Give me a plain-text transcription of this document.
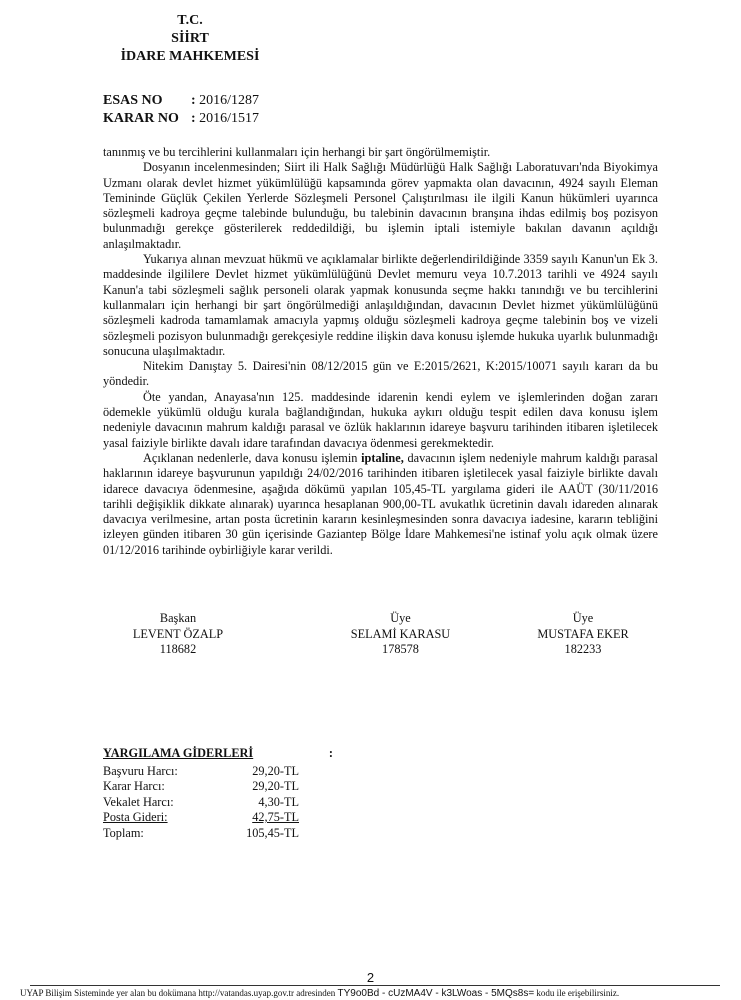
T.C.
SİİRT
İDARE MAHKEMESİ
ESAS NO : 2016/1287
KARAR NO : 2016/1517

tanınmış ve bu tercihlerini kullanmaları için herhangi bir şart öngörülmemiştir.

Dosyanın incelenmesinden; Siirt ili Halk Sağlığı Müdürlüğü Halk Sağlığı Laboratuvarı'nda Biyokimya Uzmanı olarak devlet hizmet yükümlülüğü kapsamında görev yapmakta olan davacının, 4924 sayılı Eleman Temininde Güçlük Çekilen Yerlerde Sözleşmeli Personel Çalıştırılması ile ilgili Kanun hükümleri uyarınca sözleşmeli kadroya geçme talebinde bulunduğu, bu talebinin davacının branşına ihdas edilmiş boş pozisyon bulunmadığı gerekçe gösterilerek reddedildiği, bu işlemin iptali istemiyle bakılan davanın açıldığı anlaşılmaktadır.

Yukarıya alınan mevzuat hükmü ve açıklamalar birlikte değerlendirildiğinde 3359 sayılı Kanun'un Ek 3. maddesinde ilgililere Devlet hizmet yükümlülüğünü Devlet memuru veya 10.7.2013 tarihli ve 4924 sayılı Kanun'a tabi sözleşmeli sağlık personeli olarak yapmak konusunda seçme hakkı tanındığı ve bu tercihlerini kullanmaları için herhangi bir şart öngörülmediği anlaşıldığından, davacının Devlet hizmet yükümlülüğünü sözleşmeli kadroda tamamlamak amacıyla yapmış olduğu sözleşmeli kadroya geçme talebinin boş ve vizeli sözleşmeli pozisyon bulunmadığı gerekçesiyle reddine ilişkin dava konusu işlemde hukuka uyarlık bulunmadığı sonucuna ulaşılmaktadır.

Nitekim Danıştay 5. Dairesi'nin 08/12/2015 gün ve E:2015/2621, K:2015/10071 sayılı kararı da bu yöndedir.

Öte yandan, Anayasa'nın 125. maddesinde idarenin kendi eylem ve işlemlerinden doğan zararı ödemekle yükümlü olduğu kurala bağlandığından, hukuka aykırı olduğu tespit edilen dava konusu işlem nedeniyle davacının mahrum kaldığı parasal ve özlük haklarının idareye başvuru tarihinden itibaren işletilecek yasal faiziyle birlikte davalı idare tarafından davacıya ödenmesi gerekmektedir.

Açıklanan nedenlerle, dava konusu işlemin iptaline, davacının işlem nedeniyle mahrum kaldığı parasal haklarının idareye başvurunun yapıldığı 24/02/2016 tarihinden itibaren işletilecek yasal faiziyle birlikte davalı idarece davacıya ödenmesine, aşağıda dökümü yapılan 105,45-TL yargılama gideri ile AAÜT (30/11/2016 tarihli değişiklik dikkate alınarak) uyarınca hesaplanan 900,00-TL avukatlık ücretinin davalı idareden alınarak davacıya verilmesine, artan posta ücretinin kararın kesinleşmesinden sonra davacıya iadesine, kararın tebliğini izleyen günden itibaren 30 gün içerisinde Gaziantep Bölge İdare Mahkemesi'ne istinaf yolu açık olmak üzere 01/12/2016 tarihinde oybirliğiyle karar verildi.

Başkan
LEVENT ÖZALP
118682
Üye
SELAMİ KARASU
178578
Üye
MUSTAFA EKER
182233
YARGILAMA GİDERLERİ	:
Başvuru Harcı:	29,20-TL
Karar Harcı:	29,20-TL
Vekalet Harcı:	4,30-TL
Posta Gideri:	42,75-TL
Toplam:	105,45-TL
2
UYAP Bilişim Sisteminde yer alan bu dokümana http://vatandas.uyap.gov.tr adresinden TY9o0Bd - cUzMA4V - k3LWoas - 5MQs8s= kodu ile erişebilirsiniz.
